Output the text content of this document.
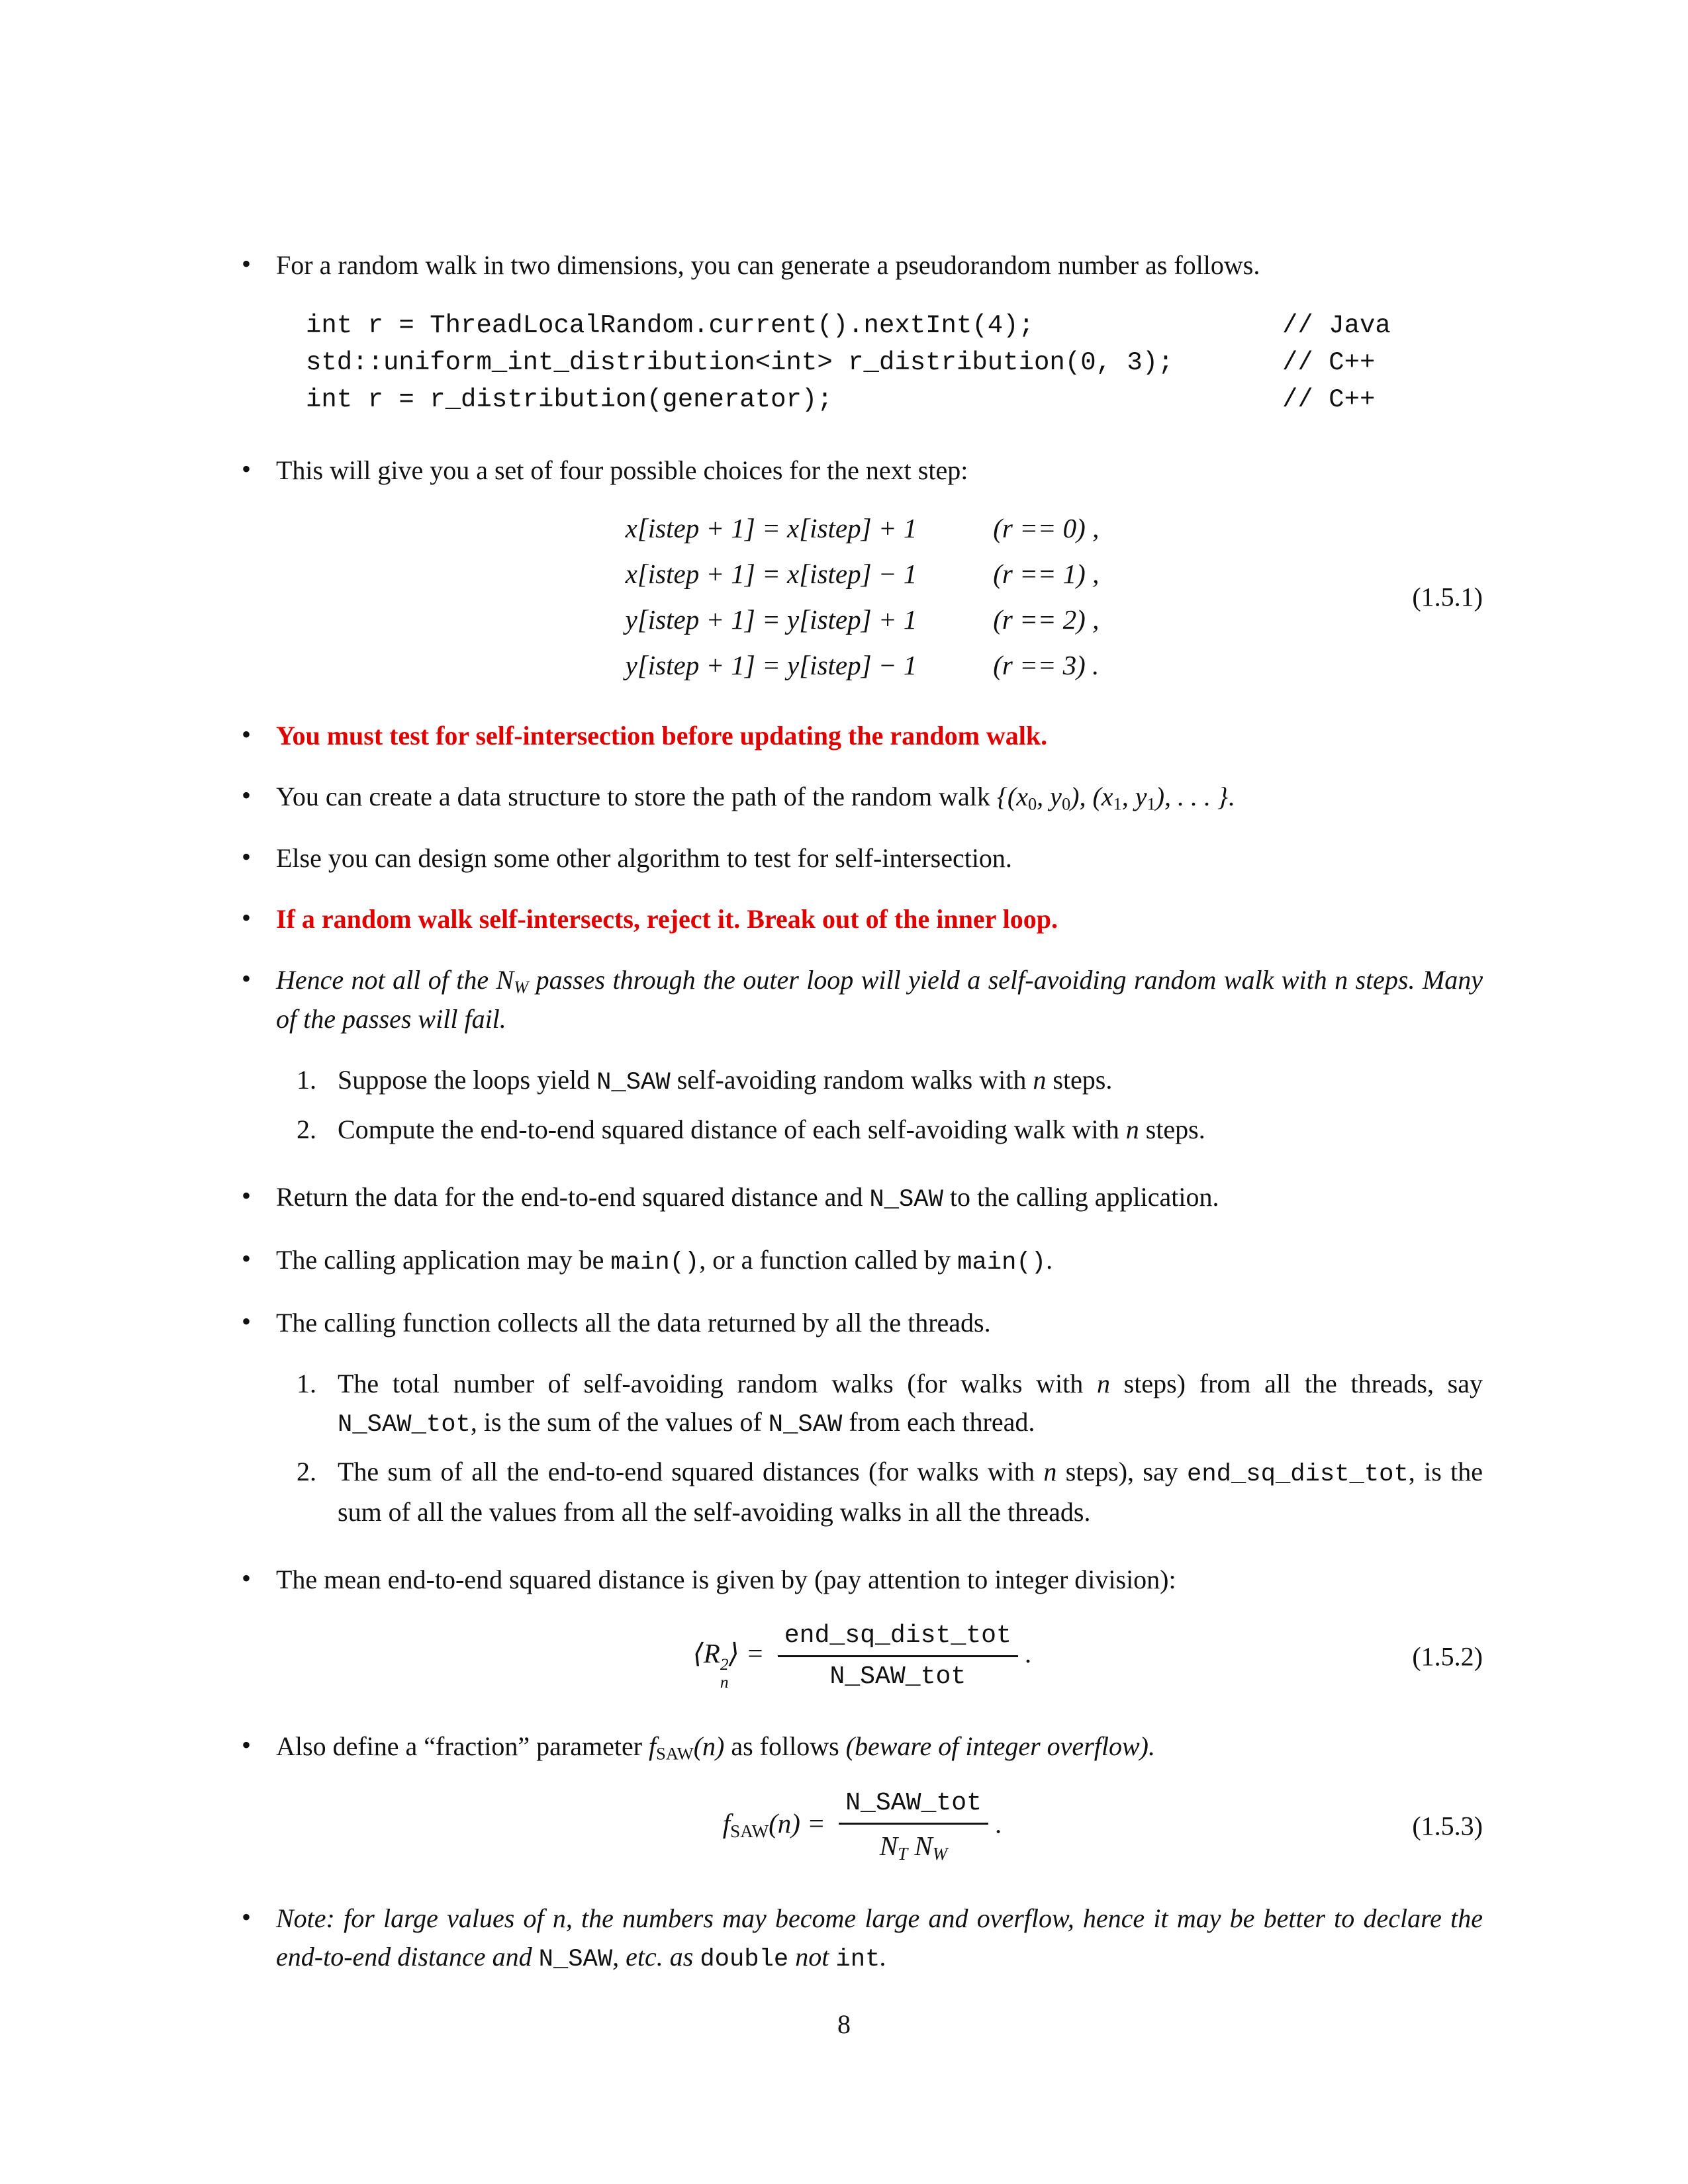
• For a random walk in two dimensions, you can generate a pseudorandom number as follows.
int r = ThreadLocalRandom.current().nextInt(4);	// Java
std::uniform_int_distribution<int> r_distribution(0, 3);	// C++
int r = r_distribution(generator);	// C++
• This will give you a set of four possible choices for the next step:
x[istep + 1] = x[istep] + 1	(r == 0) ,
x[istep + 1] = x[istep] − 1	(r == 1) ,
y[istep + 1] = y[istep] + 1	(r == 2) ,
y[istep + 1] = y[istep] − 1	(r == 3) .
(1.5.1)
• You must test for self-intersection before updating the random walk.
• You can create a data structure to store the path of the random walk {(x0, y0), (x1, y1), . . . }.
• Else you can design some other algorithm to test for self-intersection.
• If a random walk self-intersects, reject it. Break out of the inner loop.
• Hence not all of the NW passes through the outer loop will yield a self-avoiding random walk with n steps. Many of the passes will fail.
1. Suppose the loops yield N_SAW self-avoiding random walks with n steps.
2. Compute the end-to-end squared distance of each self-avoiding walk with n steps.
• Return the data for the end-to-end squared distance and N_SAW to the calling application.
• The calling application may be main(), or a function called by main().
• The calling function collects all the data returned by all the threads.
1. The total number of self-avoiding random walks (for walks with n steps) from all the threads, say N_SAW_tot, is the sum of the values of N_SAW from each thread.
2. The sum of all the end-to-end squared distances (for walks with n steps), say end_sq_dist_tot, is the sum of all the values from all the self-avoiding walks in all the threads.
• The mean end-to-end squared distance is given by (pay attention to integer division):
⟨R 2
n
⟩ = $\frac{\text{end\_sq\_dist\_tot}}{\text{N\_SAW\_tot}}$ .	(1.5.2)
• Also define a “fraction” parameter fSAW(n) as follows (beware of integer overflow).
fSAW(n) = $\frac{\text{N\_SAW\_tot}}{\text{NT NW}}$ .	(1.5.3)
• Note: for large values of n, the numbers may become large and overflow, hence it may be better to declare the end-to-end distance and N_SAW, etc. as double not int.
8
